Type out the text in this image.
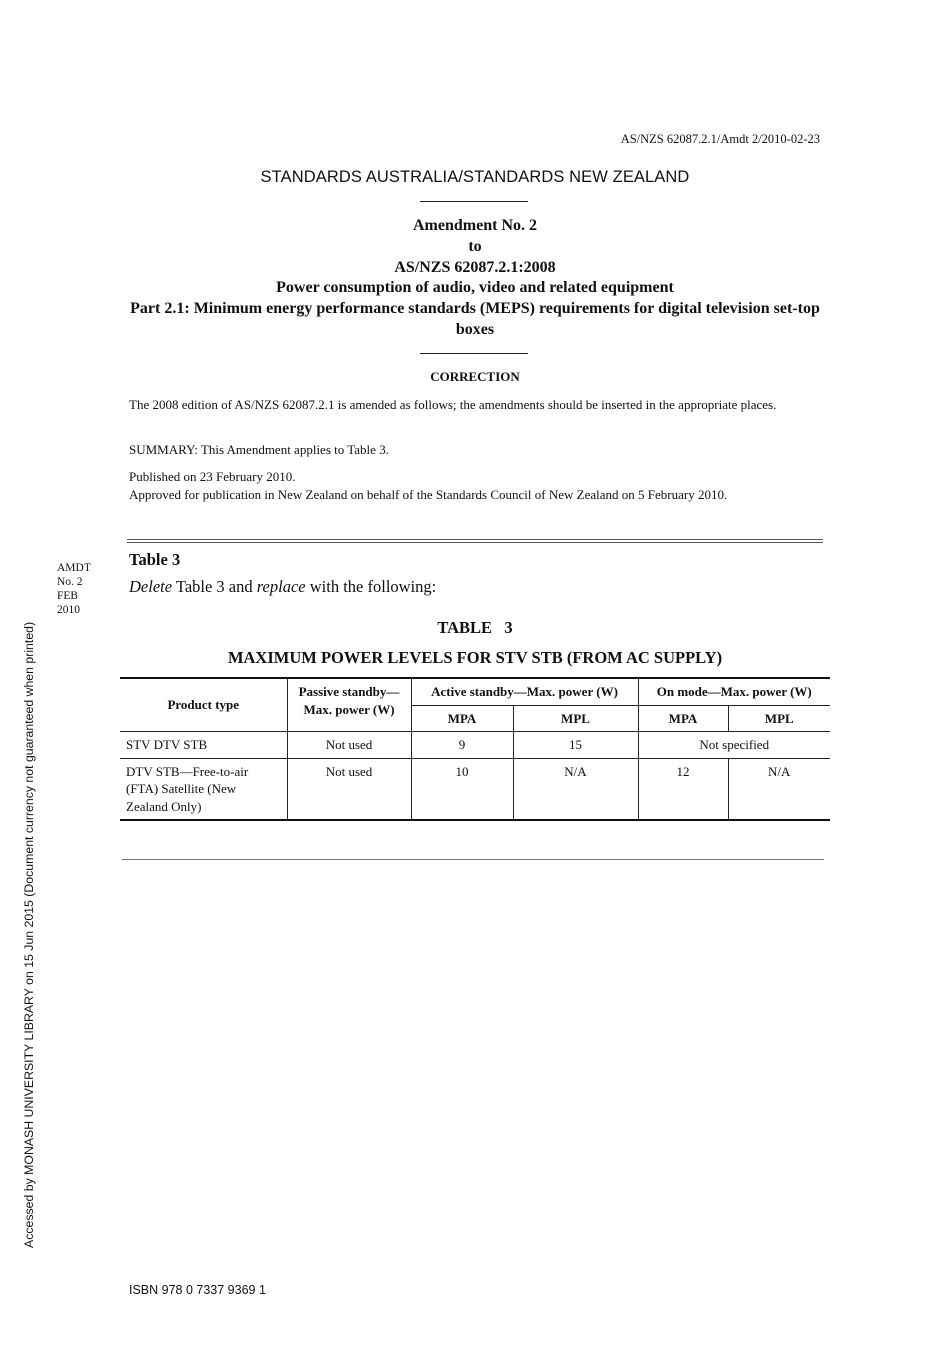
AS/NZS 62087.2.1/Amdt 2/2010-02-23
STANDARDS AUSTRALIA/STANDARDS NEW ZEALAND
Amendment No. 2
to
AS/NZS 62087.2.1:2008
Power consumption of audio, video and related equipment
Part 2.1: Minimum energy performance standards (MEPS) requirements for digital television set-top boxes
CORRECTION
The 2008 edition of AS/NZS 62087.2.1 is amended as follows; the amendments should be inserted in the appropriate places.
SUMMARY: This Amendment applies to Table 3.
Published on 23 February 2010.
Approved for publication in New Zealand on behalf of the Standards Council of New Zealand on 5 February 2010.
AMDT
No. 2
FEB
2010
Table 3
Delete Table 3 and replace with the following:
TABLE   3
MAXIMUM POWER LEVELS FOR STV STB (FROM AC SUPPLY)
Product type	Passive standby—Max. power (W)	Active standby—Max. power (W)		On mode—Max. power (W)	
		MPA	MPL	MPA	MPL
STV DTV STB	Not used	9	15	Not specified	
DTV STB—Free-to-air (FTA) Satellite (New Zealand Only)	Not used	10	N/A	12	N/A
Accessed by MONASH UNIVERSITY LIBRARY on 15 Jun 2015 (Document currency not guaranteed when printed)
ISBN 978 0 7337 9369 1
